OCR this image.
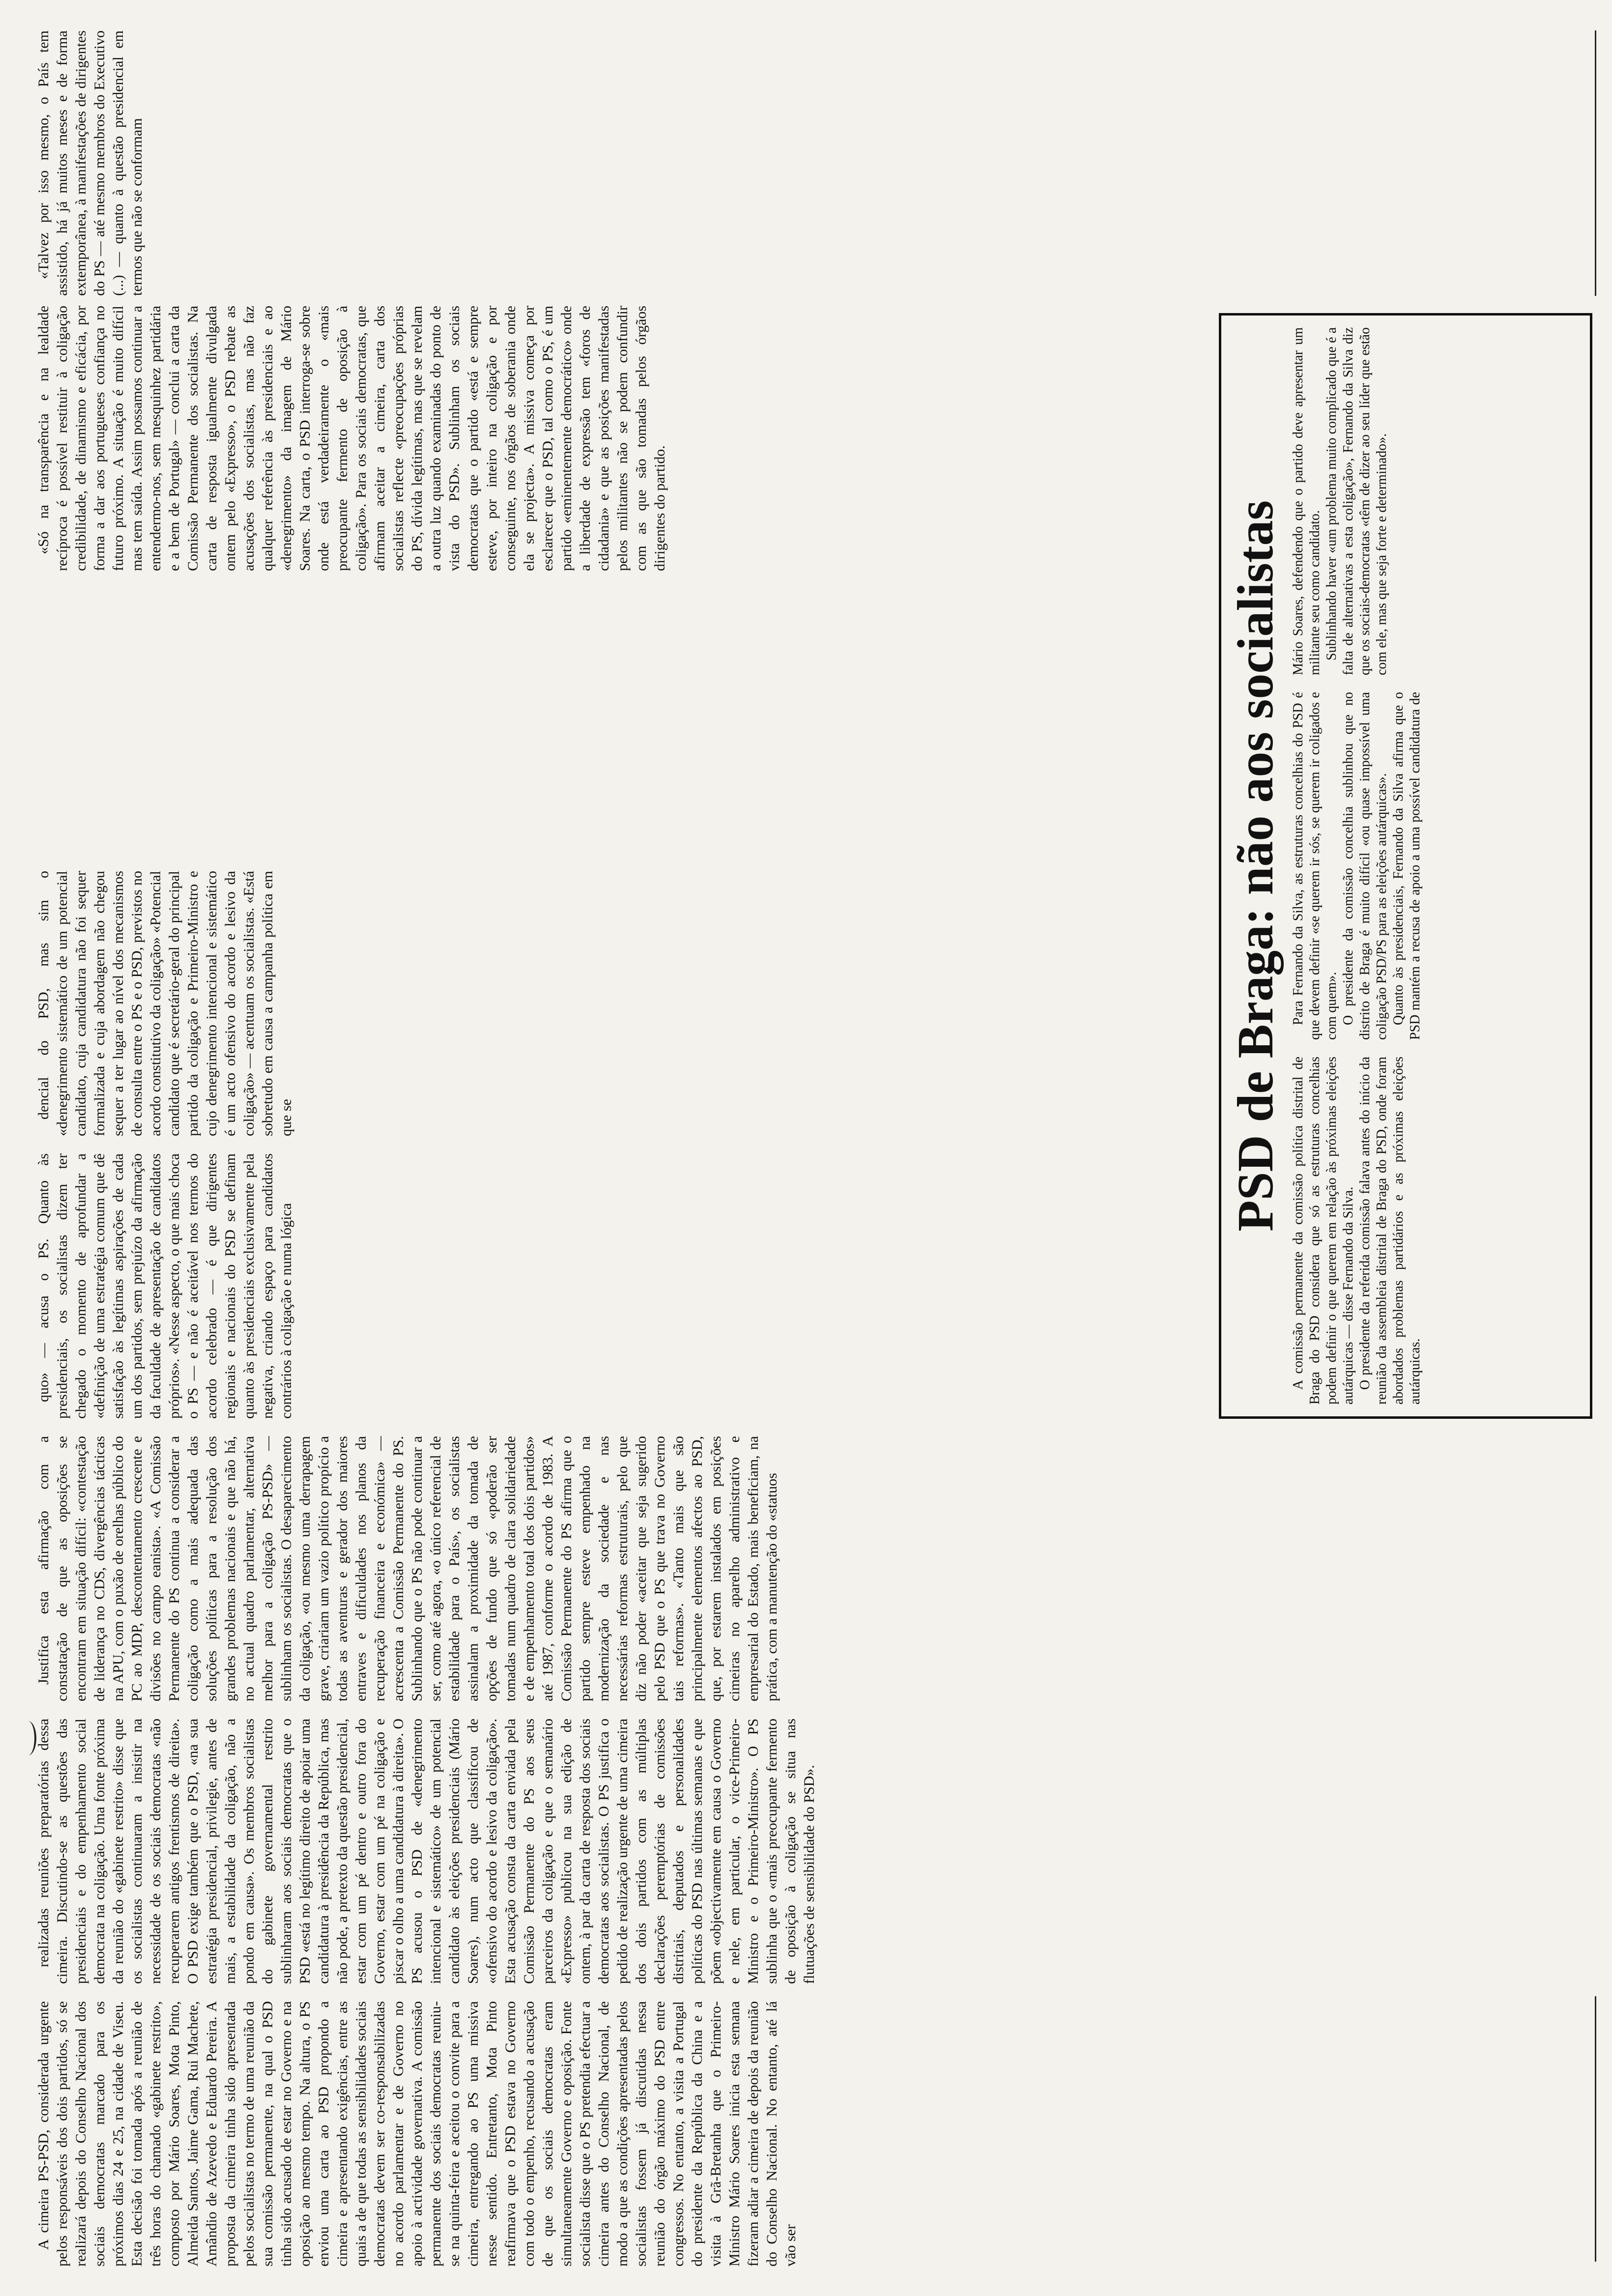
A cimeira PS-PSD, considerada urgente pelos responsáveis dos dois partidos, só se realizará depois do Conselho Nacional dos sociais democratas marcado para os próximos dias 24 e 25, na cidade de Viseu. Esta decisão foi tomada após a reunião de três horas do chamado «gabinete restrito», composto por Mário Soares, Mota Pinto, Almeida Santos, Jaime Gama, Rui Machete, Amândio de Azevedo e Eduardo Pereira. A proposta da cimeira tinha sido apresentada pelos socialistas no termo de uma reunião da sua comissão permanente, na qual o PSD tinha sido acusado de estar no Governo e na oposição ao mesmo tempo. Na altura, o PS enviou uma carta ao PSD propondo a cimeira e apresentando exigências, entre as quais a de que todas as sensibilidades sociais democratas devem ser co-responsabilizadas no acordo parlamentar e de Governo no apoio à actividade governativa. A comissão permanente dos sociais democratas reuniu-se na quinta-feira e aceitou o convite para a cimeira, entregando ao PS uma missiva nesse sentido. Entretanto, Mota Pinto reafirmava que o PSD estava no Governo com todo o empenho, recusando a acusação de que os sociais democratas eram simultaneamente Governo e oposição. Fonte socialista disse que o PS pretendia efectuar a cimeira antes do Conselho Nacional, de modo a que as condições apresentadas pelos socialistas fossem já discutidas nessa reunião do órgão máximo do PSD entre congressos. No entanto, a visita a Portugal do presidente da República da China e a visita à Grã-Bretanha que o Primeiro-Ministro Mário Soares inicia esta semana fizeram adiar a cimeira de depois da reunião do Conselho Nacional. No entanto, até lá vão ser

realizadas reuniões preparatórias dessa cimeira. Discutindo-se as questões das presidenciais e do empenhamento social democrata na coligação. Uma fonte próxima da reunião do «gabinete restrito» disse que os socialistas continuaram a insistir na necessidade de os sociais democratas «não recuperarem antigos frentismos de direita». O PSD exige também que o PSD, «na sua estratégia presidencial, privilegie, antes de mais, a estabilidade da coligação, não a pondo em causa». Os membros socialistas do gabinete governamental restrito sublinharam aos sociais democratas que o PSD «está no legítimo direito de apoiar uma candidatura à presidência da República, mas não pode, a pretexto da questão presidencial, estar com um pé dentro e outro fora do Governo, estar com um pé na coligação e piscar o olho a uma candidatura à direita». O PS acusou o PSD de «denegrimento intencional e sistemático» de um potencial candidato às eleições presidenciais (Mário Soares), num acto que classificou de «ofensivo do acordo e lesivo da coligação». Esta acusação consta da carta enviada pela Comissão Permanente do PS aos seus parceiros da coligação e que o semanário «Expresso» publicou na sua edição de ontem, à par da carta de resposta dos sociais democratas aos socialistas. O PS justifica o pedido de realização urgente de uma cimeira dos dois partidos com as múltiplas declarações peremptórias de comissões distritais, deputados e personalidades políticas do PSD nas últimas semanas e que põem «objectivamente em causa o Governo e nele, em particular, o vice-Primeiro-Ministro e o Primeiro-Ministro». O PS sublinha que o «mais preocupante fermento de oposição à coligação se situa nas flutuações de sensibilidade do PSD».

Justifica esta afirmação com a constatação de que as oposições se encontram em situação difícil: «contestação de liderança no CDS, divergências tácticas na APU, com o puxão de orelhas público do PC ao MDP, descontentamento crescente e divisões no campo eanista». «A Comissão Permanente do PS continua a considerar a coligação como a mais adequada das soluções políticas para a resolução dos grandes problemas nacionais e que não há, no actual quadro parlamentar, alternativa melhor para a coligação PS-PSD» — sublinham os socialistas. O desaparecimento da coligação, «ou mesmo uma derrapagem grave, criariam um vazio político propício a todas as aventuras e gerador dos maiores entraves e dificuldades nos planos da recuperação financeira e económica» — acrescenta a Comissão Permanente do PS. Sublinhando que o PS não pode continuar a ser, como até agora, «o único referencial de estabilidade para o País», os socialistas assinalam a proximidade da tomada de opções de fundo que só «poderão ser tomadas num quadro de clara solidariedade e de empenhamento total dos dois partidos» até 1987, conforme o acordo de 1983. A Comissão Permanente do PS afirma que o partido sempre esteve empenhado na modernização da sociedade e nas necessárias reformas estruturais, pelo que diz não poder «aceitar que seja sugerido pelo PSD que o PS que trava no Governo tais reformas». «Tanto mais que são principalmente elementos afectos ao PSD, que, por estarem instalados em posições cimeiras no aparelho administrativo e empresarial do Estado, mais beneficiam, na prática, com a manutenção do «statuos

quo» — acusa o PS. Quanto às presidenciais, os socialistas dizem ter chegado o momento de aprofundar a «definição de uma estratégia comum que dê satisfação às legítimas aspirações de cada um dos partidos, sem prejuízo da afirmação da faculdade de apresentação de candidatos próprios». «Nesse aspecto, o que mais choca o PS — e não é aceitável nos termos do acordo celebrado — é que dirigentes regionais e nacionais do PSD se definam quanto às presidenciais exclusivamente pela negativa, criando espaço para candidatos contrários à coligação e numa lógica

dencial do PSD, mas sim o «denegrimento sistemático de um potencial candidato, cuja candidatura não foi sequer formalizada e cuja abordagem não chegou sequer a ter lugar ao nível dos mecanismos de consulta entre o PS e o PSD, previstos no acordo constitutivo da coligação» «Potencial candidato que é secretário-geral do principal partido da coligação e Primeiro-Ministro e cujo denegrimento intencional e sistemático é um acto ofensivo do acordo e lesivo da coligação» — acentuam os socialistas. «Está sobretudo em causa a campanha política em que se

«Só na transparência e na lealdade recíproca é possível restituir à coligação credibilidade, de dinamismo e eficácia, por forma a dar aos portugueses confiança no futuro próximo. A situação é muito difícil mas tem saída. Assim possamos continuar a entendermo-nos, sem mesquinhez partidária e a bem de Portugal» — conclui a carta da Comissão Permanente dos socialistas. Na carta de resposta igualmente divulgada ontem pelo «Expresso», o PSD rebate as acusações dos socialistas, mas não faz qualquer referência às presidenciais e ao «denegrimento» da imagem de Mário Soares. Na carta, o PSD interroga-se sobre onde está verdadeiramente o «mais preocupante fermento de oposição à coligação». Para os sociais democratas, que afirmam aceitar a cimeira, carta dos socialistas reflecte «preocupações próprias do PS, dívida legítimas, mas que se revelam a outra luz quando examinadas do ponto de vista do PSD». Sublinham os sociais democratas que o partido «está e sempre esteve, por inteiro na coligação e por conseguinte, nos órgãos de soberania onde ela se projecta». A missiva começa por esclarecer que o PSD, tal como o PS, é um partido «eminentemente democrático» onde a liberdade de expressão tem «foros de cidadania» e que as posições manifestadas pelos militantes não se podem confundir com as que são tomadas pelos órgãos dirigentes do partido.

«Talvez por isso mesmo, o País tem assistido, há já muitos meses e de forma extemporânea, à manifestações de dirigentes do PS — até mesmo membros do Executivo (...) — quanto à questão presidencial em termos que não se conformam

PSD de Braga: não aos socialistas A comissão permanente da comissão política distrital de Braga do PSD considera que só as estruturas concelhias podem definir o que querem em relação às próximas eleições autárquicas — disse Fernando da Silva. O presidente da referida comissão falava antes do início da reunião da assembleia distrital de Braga do PSD, onde foram abordados problemas partidários e as próximas eleições autárquicas.

Para Fernando da Silva, as estruturas concelhias do PSD é que devem definir «se querem ir sós, se querem ir coligados e com quem». O presidente da comissão concelhia sublinhou que no distrito de Braga é muito difícil «ou quase impossível uma coligação PSD/PS para as eleições autárquicas». Quanto às presidenciais, Fernando da Silva afirma que o PSD mantém a recusa de apoio a uma possível candidatura de Mário Soares, defendendo que o partido deve apresentar um militante seu como candidato. Sublinhando haver «um problema muito complicado que é a falta de alternativas a esta coligação», Fernando da Silva diz que os sociais-democratas «têm de dizer ao seu líder que estão com ele, mas que seja forte e determinado».
